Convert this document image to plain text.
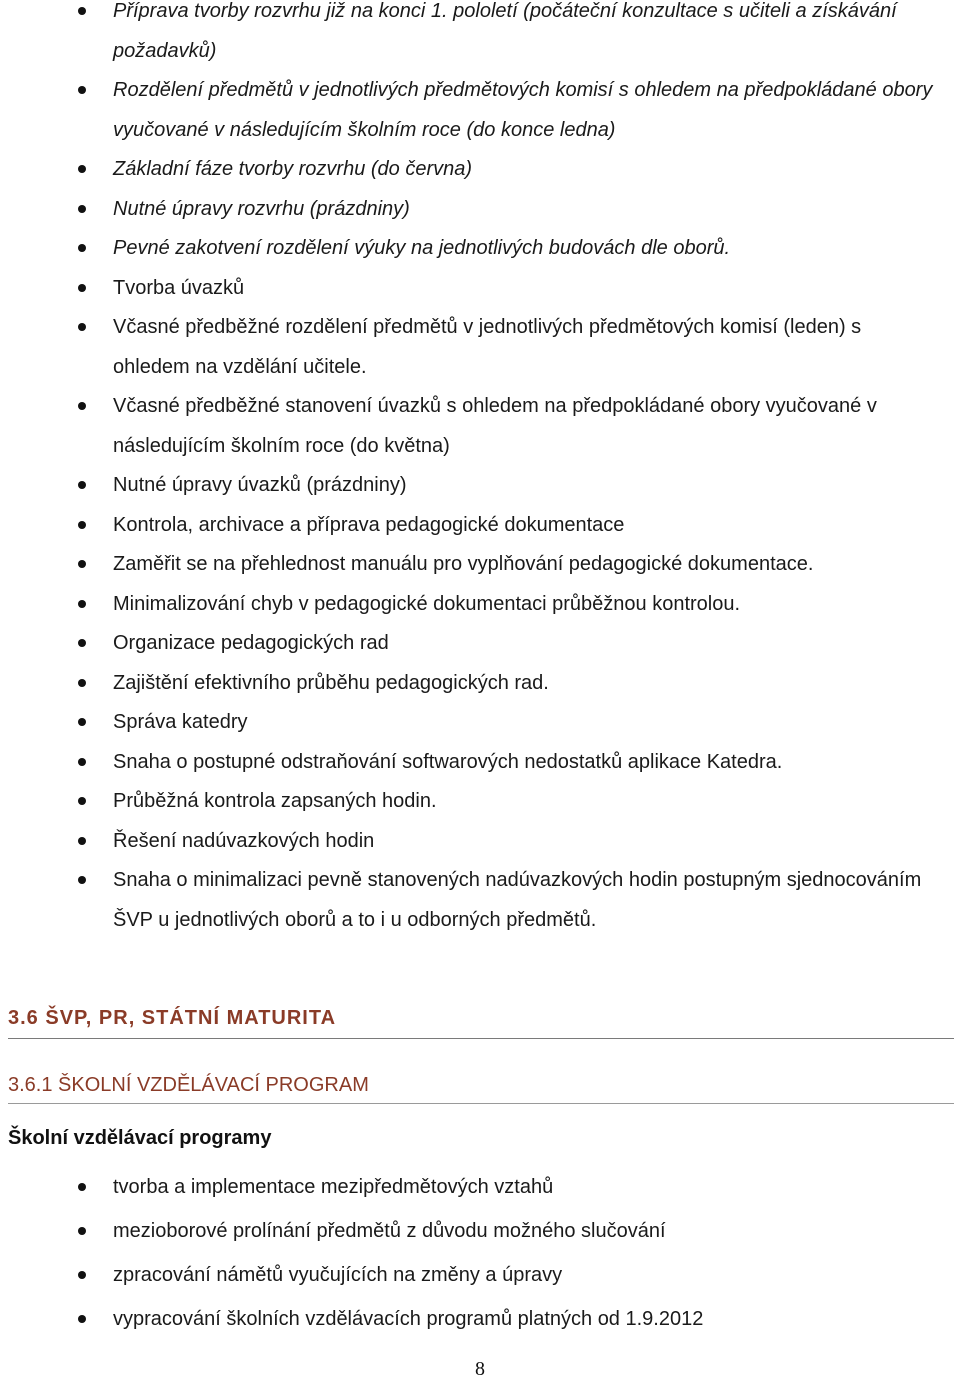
Příprava tvorby rozvrhu již na konci 1. pololetí (počáteční konzultace s učiteli a získávání požadavků)
Rozdělení předmětů v jednotlivých předmětových komisí s ohledem na předpokládané obory vyučované v následujícím školním roce (do konce ledna)
Základní fáze tvorby rozvrhu (do června)
Nutné úpravy rozvrhu (prázdniny)
Pevné zakotvení rozdělení výuky na jednotlivých budovách dle oborů.
Tvorba úvazků
Včasné předběžné rozdělení předmětů v jednotlivých předmětových komisí (leden) s ohledem na vzdělání učitele.
Včasné předběžné stanovení úvazků s ohledem na předpokládané obory vyučované v následujícím školním roce (do května)
Nutné úpravy úvazků (prázdniny)
Kontrola, archivace a příprava pedagogické dokumentace
Zaměřit se na přehlednost manuálu pro vyplňování pedagogické dokumentace.
Minimalizování chyb v pedagogické dokumentaci průběžnou kontrolou.
Organizace pedagogických rad
Zajištění efektivního průběhu pedagogických rad.
Správa katedry
Snaha o postupné odstraňování softwarových nedostatků aplikace Katedra.
Průběžná kontrola zapsaných hodin.
Řešení nadúvazkových hodin
Snaha o minimalizaci pevně stanovených nadúvazkových hodin postupným sjednocováním ŠVP u jednotlivých oborů a to i u odborných předmětů.
3.6 ŠVP, PR, STÁTNÍ MATURITA
3.6.1 ŠKOLNÍ VZDĚLÁVACÍ PROGRAM
Školní vzdělávací programy
tvorba a implementace mezipředmětových vztahů
mezioborové prolínání předmětů z důvodu možného slučování
zpracování námětů vyučujících na změny a úpravy
vypracování školních vzdělávacích programů platných od 1.9.2012
8
